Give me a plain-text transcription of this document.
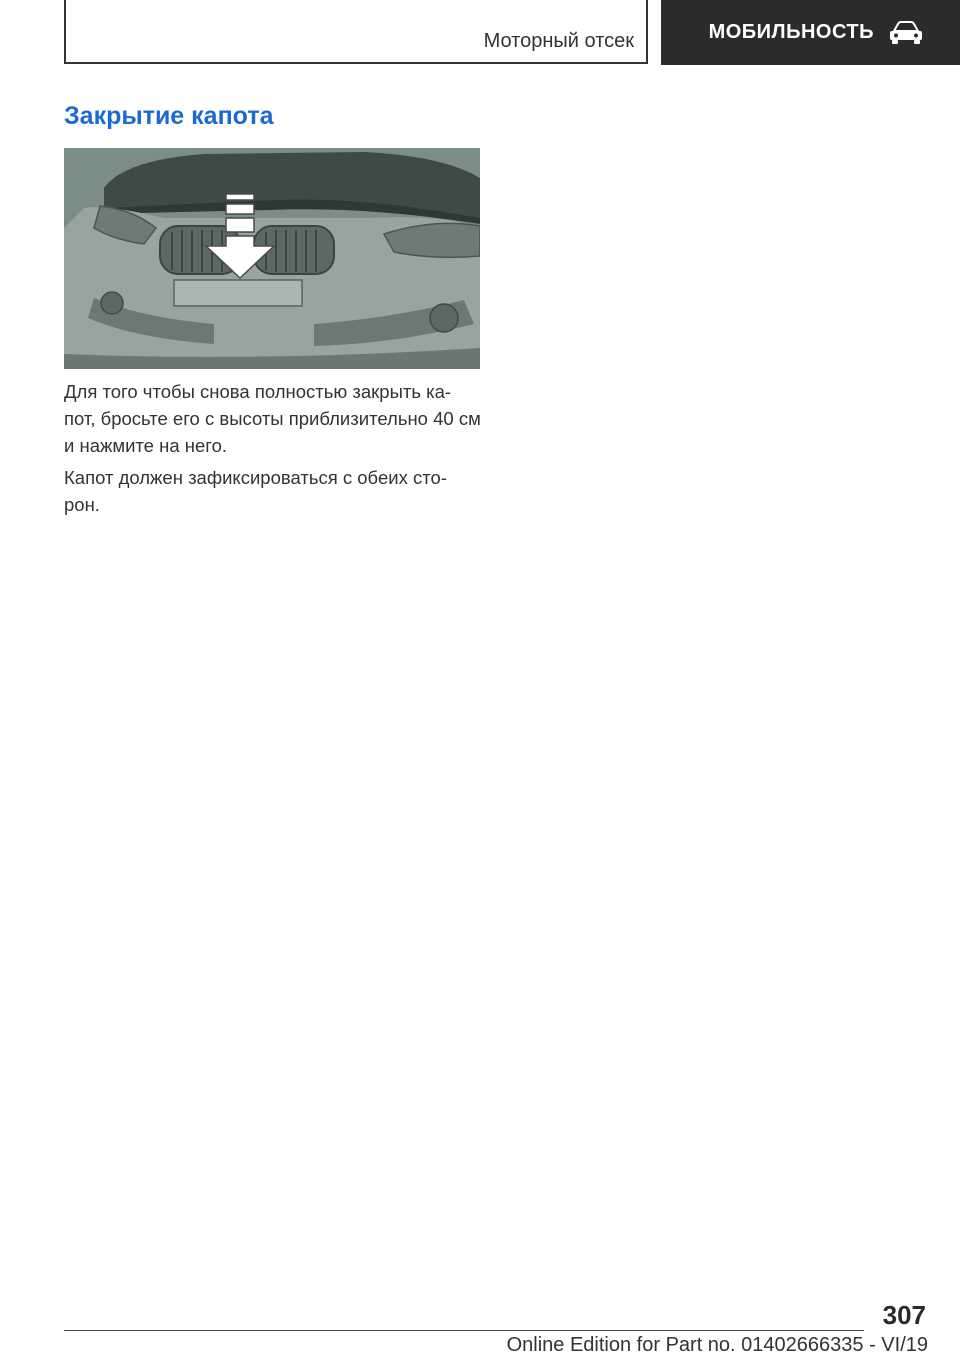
Моторный отсек	МОБИЛЬНОСТЬ
Закрытие капота

Для того чтобы снова полностью закрыть ка‐ пот, бросьте его с высоты приблизительно 40 см и нажмите на него.

Капот должен зафиксироваться с обеих сто‐ рон.

307
Online Edition for Part no. 01402666335 - VI/19
